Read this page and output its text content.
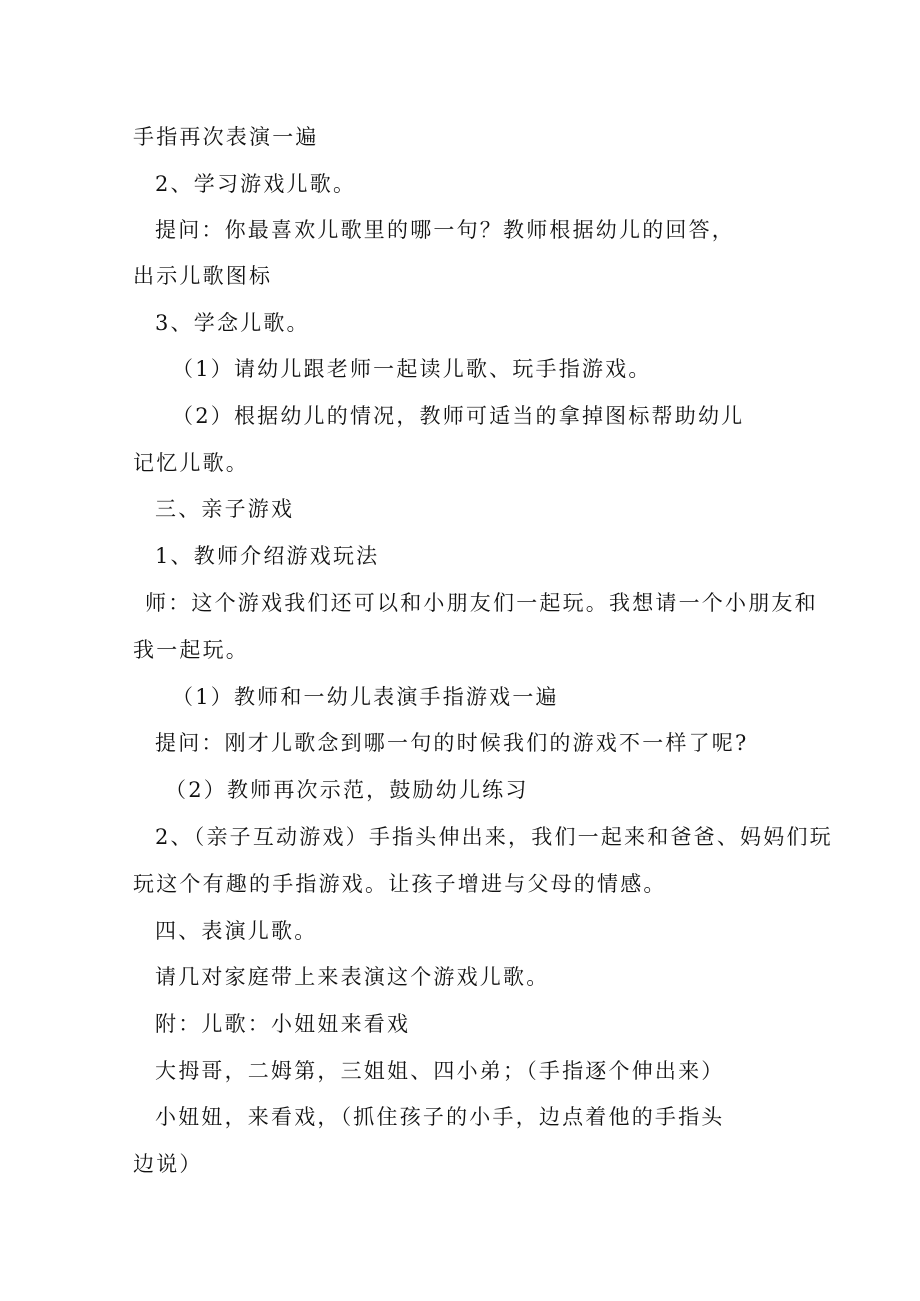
手指再次表演一遍
2、学习游戏儿歌。
提问：你最喜欢儿歌里的哪一句？教师根据幼儿的回答，
出示儿歌图标
3、学念儿歌。
（1）请幼儿跟老师一起读儿歌、玩手指游戏。
（2）根据幼儿的情况，教师可适当的拿掉图标帮助幼儿
记忆儿歌。
三、亲子游戏
1、教师介绍游戏玩法
师：这个游戏我们还可以和小朋友们一起玩。我想请一个小朋友和
我一起玩。
（1）教师和一幼儿表演手指游戏一遍
提问：刚才儿歌念到哪一句的时候我们的游戏不一样了呢?
（2）教师再次示范，鼓励幼儿练习
2、（亲子互动游戏）手指头伸出来，我们一起来和爸爸、妈妈们玩
玩这个有趣的手指游戏。让孩子增进与父母的情感。
四、表演儿歌。
请几对家庭带上来表演这个游戏儿歌。
附：儿歌：小妞妞来看戏
大拇哥，二姆第，三姐姐、四小弟；（手指逐个伸出来）
小妞妞，来看戏，（抓住孩子的小手，边点着他的手指头
边说）
